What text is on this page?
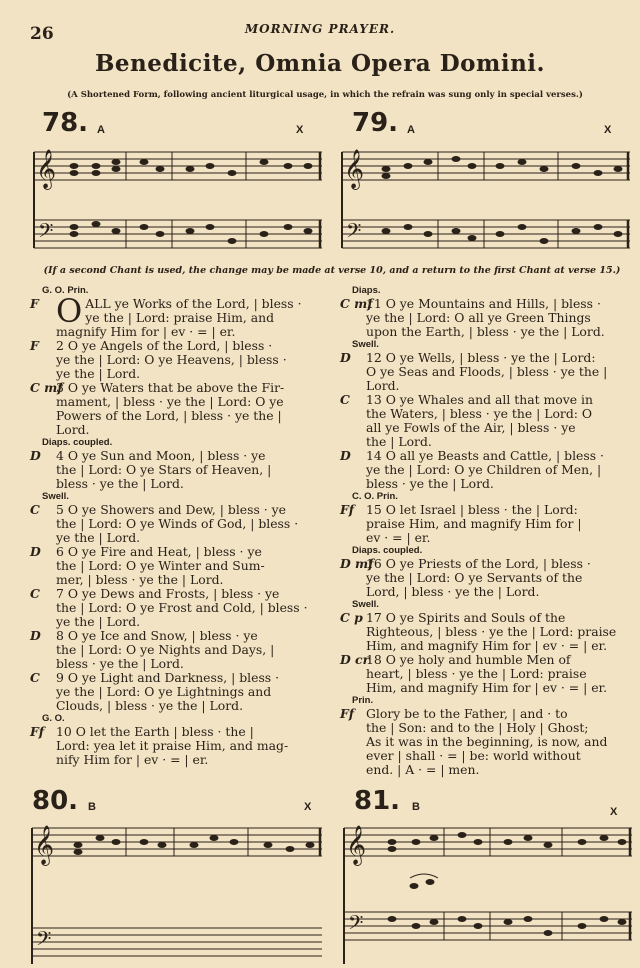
26	MORNING PRAYER.
Benedicite, Omnia Opera Domini.
(A Shortened Form, following ancient liturgical usage, in which the refrain was sung only in special verses.)
78. A	X 79. A	X
𝄞
𝄢
𝄞
𝄢
(If a second Chant is used, the change may be made at verse 10, and a return to the first Chant at verse 15.)
G. O. Prin.
F O ALL ye Works of the Lord, | bless ·
ye the | Lord: praise Him, and
magnify Him for | ev · = | er.
F 2 O ye Angels of the Lord, | bless ·
ye the | Lord: O ye Heavens, | bless ·
ye the | Lord.
C mf
3 O ye Waters that be above the Fir-
mament, | bless · ye the | Lord: O ye
Powers of the Lord, | bless · ye the |
Lord.
Diaps. coupled.
D 4 O ye Sun and Moon, | bless · ye
the | Lord: O ye Stars of Heaven, |
bless · ye the | Lord.
Swell.
C 5 O ye Showers and Dew, | bless · ye
the | Lord: O ye Winds of God, | bless ·
ye the | Lord.
D 6 O ye Fire and Heat, | bless · ye
the | Lord: O ye Winter and Sum-
mer, | bless · ye the | Lord.
C 7 O ye Dews and Frosts, | bless · ye
the | Lord: O ye Frost and Cold, | bless ·
ye the | Lord.
D 8 O ye Ice and Snow, | bless · ye
the | Lord: O ye Nights and Days, |
bless · ye the | Lord.
C 9 O ye Light and Darkness, | bless ·
ye the | Lord: O ye Lightnings and
Clouds, | bless · ye the | Lord.
G. O.
Ff 10 O let the Earth | bless · the |
Lord: yea let it praise Him, and mag-
nify Him for | ev · = | er.
Diaps.
C mf
11 O ye Mountains and Hills, | bless ·
ye the | Lord: O all ye Green Things
upon the Earth, | bless · ye the | Lord.
Swell.
D 12 O ye Wells, | bless · ye the | Lord:
O ye Seas and Floods, | bless · ye the |
Lord.
C 13 O ye Whales and all that move in
the Waters, | bless · ye the | Lord: O
all ye Fowls of the Air, | bless · ye
the | Lord.
D 14 O all ye Beasts and Cattle, | bless ·
ye the | Lord: O ye Children of Men, |
bless · ye the | Lord.
C. O. Prin.
Ff 15 O let Israel | bless · the | Lord:
praise Him, and magnify Him for |
ev · = | er.
Diaps. coupled.
D mf
16 O ye Priests of the Lord, | bless ·
ye the | Lord: O ye Servants of the
Lord, | bless · ye the | Lord.
Swell.
C p 17 O ye Spirits and Souls of the
Righteous, | bless · ye the | Lord: praise
Him, and magnify Him for | ev · = | er.
D cr
18 O ye holy and humble Men of
heart, | bless · ye the | Lord: praise
Him, and magnify Him for | ev · = | er.
Prin.
Ff Glory be to the Father, | and · to
the | Son: and to the | Holy | Ghost;
As it was in the beginning, is now, and
ever | shall · = | be: world without
end. | A · = | men.
80. B	X 81. B	X
𝄞
𝄢
𝄞
𝄢
